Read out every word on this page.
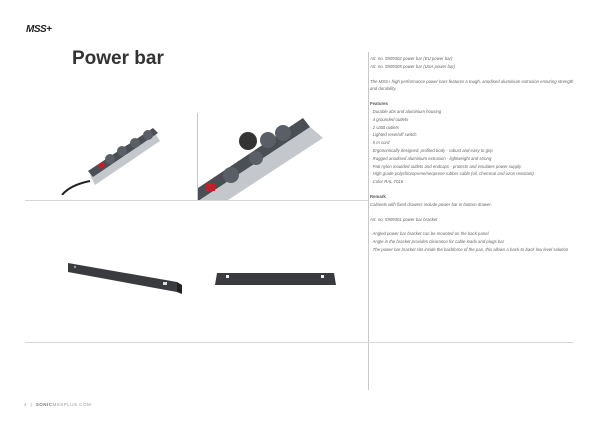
MSS+
Power bar	Art. no. 5909302 power bar (EU power bar)

Art. no. 5909305 power bar (USA power bar)

The MSS+ high performance power bars features a tough, anodised aluminium extrusion ensuring strength and durability.

Features

· Durable abs and aluminium housing
· 4 grounded outlets
· 2 USB outlets
· Lighted reset/off switch
· 5 m cord
· Ergonomically designed, profiled body - robust and easy to grip
· Rugged anodised aluminium extrusion - lightweight and strong
· Pa6 nylon moulded outlets and endcaps - protects and insulates power supply
· High grade polychloroprene/neoprene rubber cable (oil, chemical and ozon resistant)
· Color RAL 7016

Remark

Cabinets with fixed drawers include power bar in bottom drawer.

Art. no. 5909301 power bar bracket

· Angled power bar bracket can be mounted on the back panel
· Angle in the bracket provides clearance for cable leads and plugs bar
· The power bar bracket sits inside the backforce of the pan, this allows a back-to-back low level solution
4  |  SONICMSSPLUS.COM
